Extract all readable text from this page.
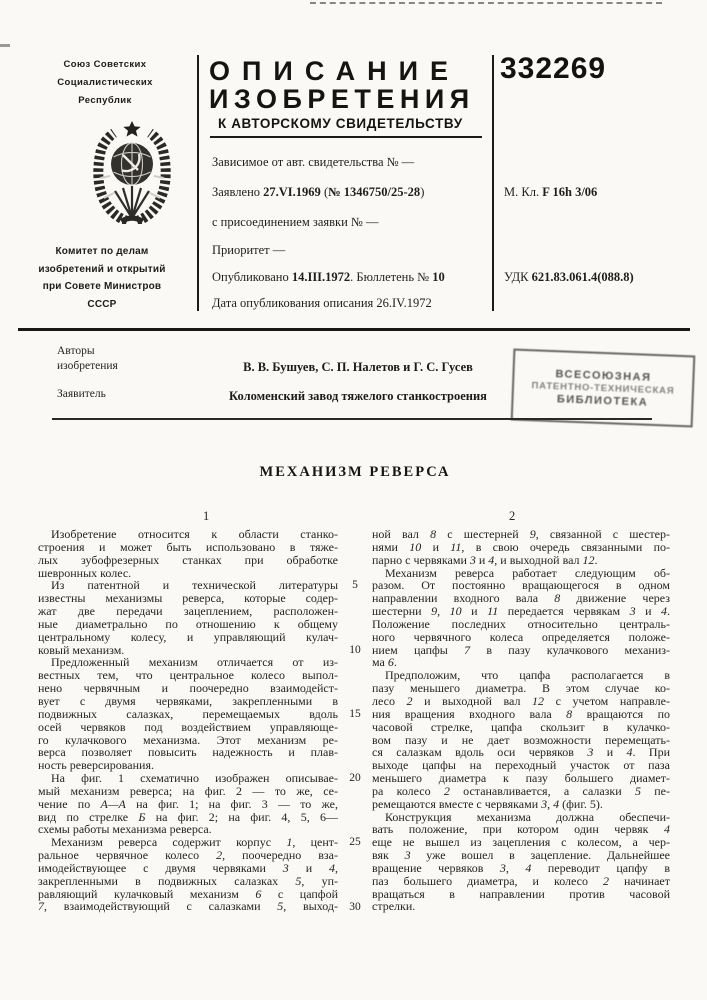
Союз Советских
Социалистических
Республик
Комитет по делам
изобретений и открытий
при Совете Министров
СССР
ОПИСАНИЕ
ИЗОБРЕТЕНИЯ
К АВТОРСКОМУ СВИДЕТЕЛЬСТВУ
332269
Зависимое от авт. свидетельства № —
Заявлено 27.VI.1969 (№ 1346750/25-28)
с присоединением заявки № —
Приоритет —
Опубликовано 14.III.1972. Бюллетень № 10
Дата опубликования описания 26.IV.1972
М. Кл. F 16h 3/06
УДК 621.83.061.4(088.8)
Авторы
изобретения	В. В. Бушуев, С. П. Налетов и Г. С. Гусев
Заявитель	Коломенский завод тяжелого станкостроения
ВСЕСОЮЗНАЯ
ПАТЕНТНО-ТЕХНИЧЕСКАЯ
БИБЛИОТЕКА
МЕХАНИЗМ РЕВЕРСА
1	2
Изобретение относится к области станко-
строения и может быть использовано в тяже-
лых зубофрезерных станках при обработке
шевронных колес.
Из патентной и технической литературы
известны механизмы реверса, которые содер-
жат две передачи зацеплением, расположен-
ные диаметрально по отношению к общему
центральному колесу, и управляющий кулач-
ковый механизм.
Предложенный механизм отличается от из-
вестных тем, что центральное колесо выпол-
нено червячным и поочередно взаимодейст-
вует с двумя червяками, закрепленными в
подвижных салазках, перемещаемых вдоль
осей червяков под воздействием управляюще-
го кулачкового механизма. Этот механизм ре-
верса позволяет повысить надежность и плав-
ность реверсирования.
На фиг. 1 схематично изображен описывае-
мый механизм реверса; на фиг. 2 — то же, се-
чение по А—А на фиг. 1; на фиг. 3 — то же,
вид по стрелке Б на фиг. 2; на фиг. 4, 5, 6—
схемы работы механизма реверса.
Механизм реверса содержит корпус 1, цент-
ральное червячное колесо 2, поочередно вза-
имодействующее с двумя червяками 3 и 4,
закрепленными в подвижных салазках 5, уп-
равляющий кулачковый механизм 6 с цапфой
7, взаимодействующий с салазками 5, выход-
5
10
15
20
25
30
ной вал 8 с шестерней 9, связанной с шестер-
нями 10 и 11, в свою очередь связанными по-
парно с червяками 3 и 4, и выходной вал 12.
Механизм реверса работает следующим об-
разом. От постоянно вращающегося в одном
направлении входного вала 8 движение через
шестерни 9, 10 и 11 передается червякам 3 и 4.
Положение последних относительно централь-
ного червячного колеса определяется положе-
нием цапфы 7 в пазу кулачкового механиз-
ма 6.
Предположим, что цапфа располагается в
пазу меньшего диаметра. В этом случае ко-
лесо 2 и выходной вал 12 с учетом направле-
ния вращения входного вала 8 вращаются по
часовой стрелке, цапфа скользит в кулачко-
вом пазу и не дает возможности перемещать-
ся салазкам вдоль оси червяков 3 и 4. При
выходе цапфы на переходный участок от паза
меньшего диаметра к пазу большего диамет-
ра колесо 2 останавливается, а салазки 5 пе-
ремещаются вместе с червяками 3, 4 (фиг. 5).
Конструкция механизма должна обеспечи-
вать положение, при котором один червяк 4
еще не вышел из зацепления с колесом, а чер-
вяк 3 уже вошел в зацепление. Дальнейшее
вращение червяков 3, 4 переводит цапфу в
паз большего диаметра, и колесо 2 начинает
вращаться в направлении против часовой
стрелки.
